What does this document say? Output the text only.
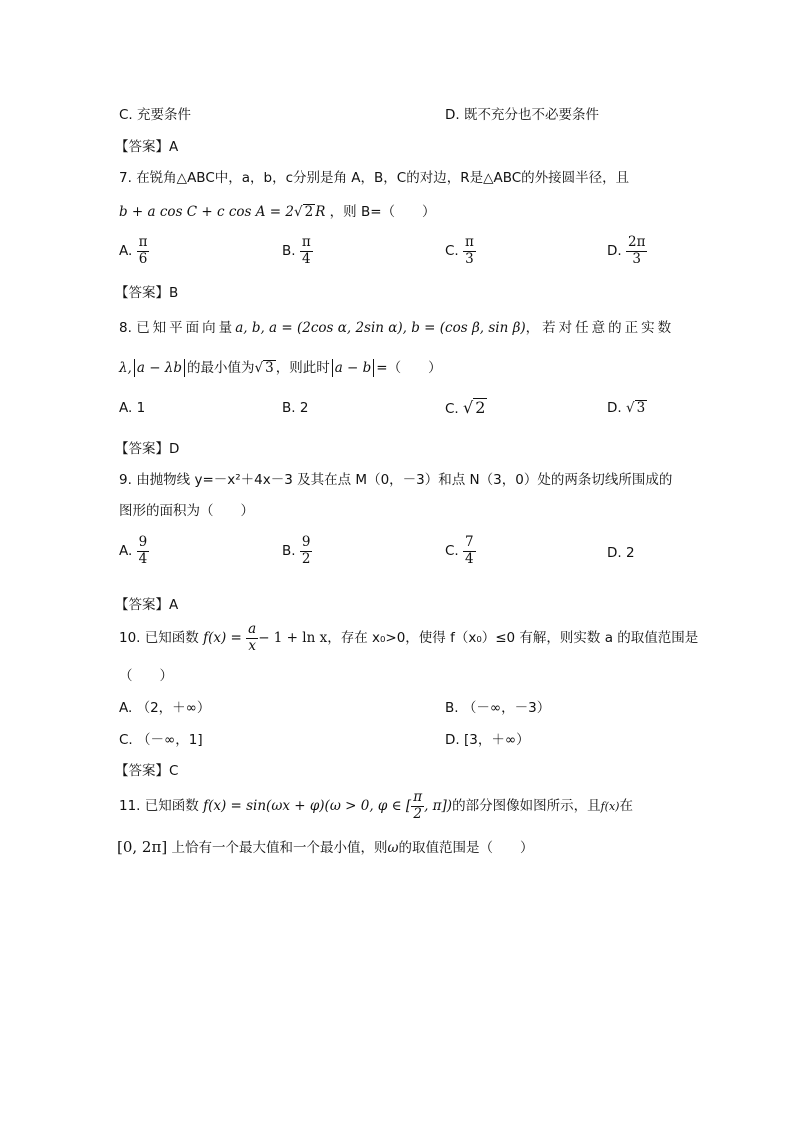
C. 充要条件	D. 既不充分也不必要条件
【答案】A
7. 在锐角△ABC中，a，b，c分别是角 A，B，C的对边，R是△ABC的外接圆半径，且
b + a cos C + c cos A = 2√ 2 R ，则 B=（　　）
A. $\frac{\pi}{6}$	B. $\frac{\pi}{4}$	C. $\frac{\pi}{3}$	D. $\frac{2\pi}{3}$
【答案】B
8. 已知平面向量a, b, a = (2cos α, 2sin α), b = (cos β, sin β)，若对任意的正实数
λ, a − λb 的最小值为√ 3 ，则此时 a − b =（　　）
A. 1	B. 2	C. √ 2	D. √ 3
【答案】D
9. 由抛物线 y=－x²＋4x－3 及其在点 M（0，－3）和点 N（3，0）处的两条切线所围成的
图形的面积为（　　）
A. $\frac{9}{4}$	B. $\frac{9}{2}$	C. $\frac{7}{4}$	D. 2
【答案】A
10. 已知函数 $f(x) = \frac{a}{x} - 1 + \ln x$，存在 x₀>0，使得 f（x₀）≤0 有解，则实数 a 的取值范围是
（　　）
A. （2，＋∞）	B. （－∞，－3）
C. （－∞，1]	D. [3，＋∞）
【答案】C
11. 已知函数 f(x) = sin(ωx + φ)(ω > 0, φ ∈ [ $\frac{\pi}{2}$ , π])的部分图像如图所示，且f(x)在
[0, 2π] 上恰有一个最大值和一个最小值，则ω的取值范围是（　　）
